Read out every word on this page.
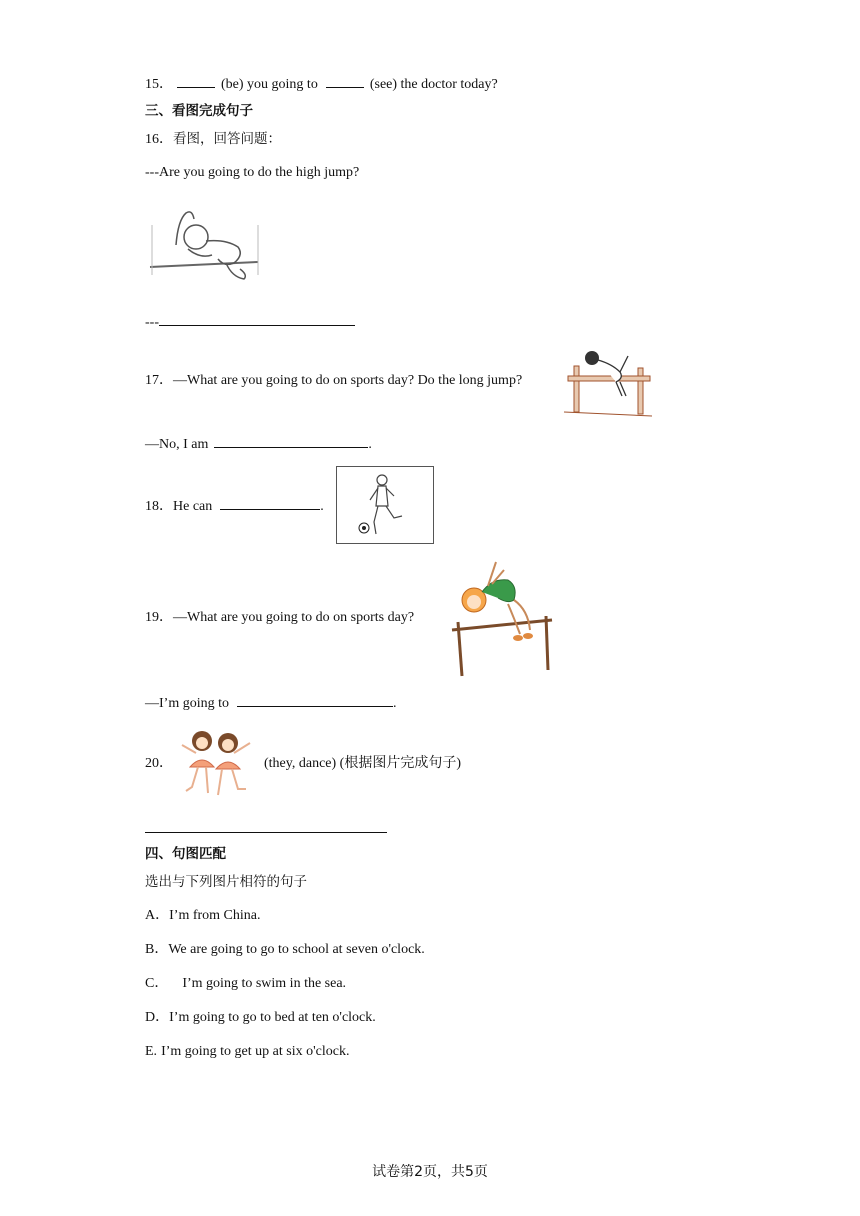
15．	(be) you going to	(see) the doctor today?
三、看图完成句子
16．看图，回答问题：
---Are you going to do the high jump?
---
17．—What are you going to do on sports day? Do the long jump?
—No, I am	.
18．He can	.
19．—What are you going to do on sports day?
—I’m going to	.
20．	(they, dance) (根据图片完成句子)
四、句图匹配
选出与下列图片相符的句子
A．I’m from China.
B．We are going to go to school at seven o'clock.
C． I’m going to swim in the sea.
D．I’m going to go to bed at ten o'clock.
E. I’m going to get up at six o'clock.
试卷第2页，共5页
